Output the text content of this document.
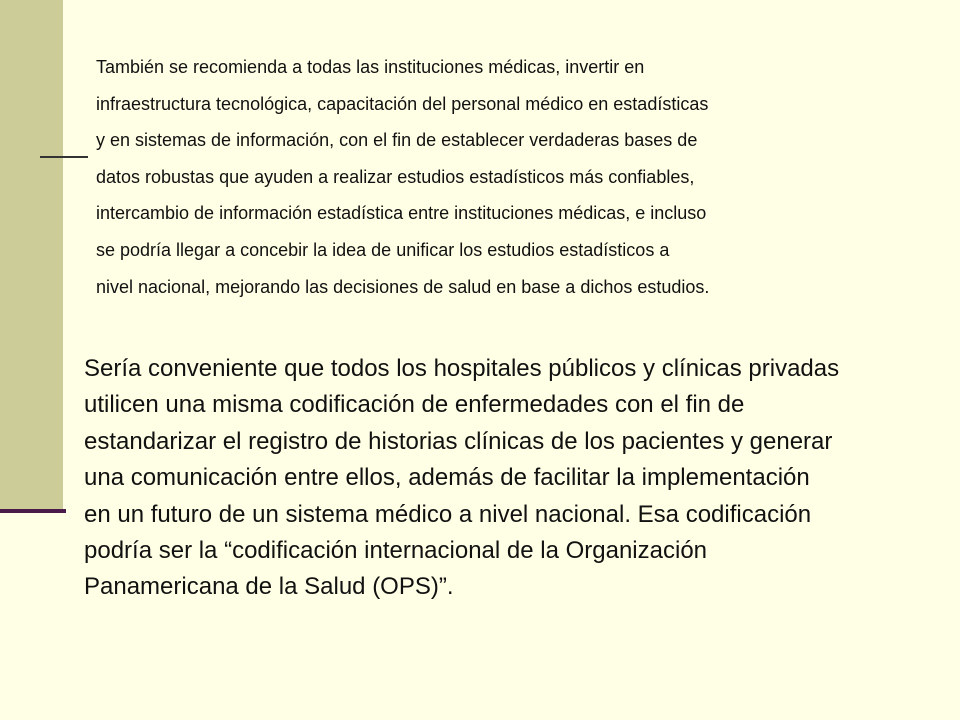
También se recomienda a todas las instituciones médicas, invertir en
infraestructura tecnológica, capacitación del personal médico en estadísticas
y en sistemas de información, con el fin de establecer verdaderas bases de
datos robustas que ayuden a realizar estudios estadísticos más confiables,
intercambio de información estadística entre instituciones médicas, e incluso
se podría llegar a concebir la idea de unificar los estudios estadísticos a
nivel nacional, mejorando las decisiones de salud en base a dichos estudios.

Sería conveniente que todos los hospitales públicos y clínicas privadas
utilicen una misma codificación de enfermedades con el fin de
estandarizar el registro de historias clínicas de los pacientes y generar
una comunicación entre ellos, además de facilitar la implementación
en un futuro de un sistema médico a nivel nacional. Esa codificación
podría ser la “codificación internacional de la Organización
Panamericana de la Salud (OPS)”.
